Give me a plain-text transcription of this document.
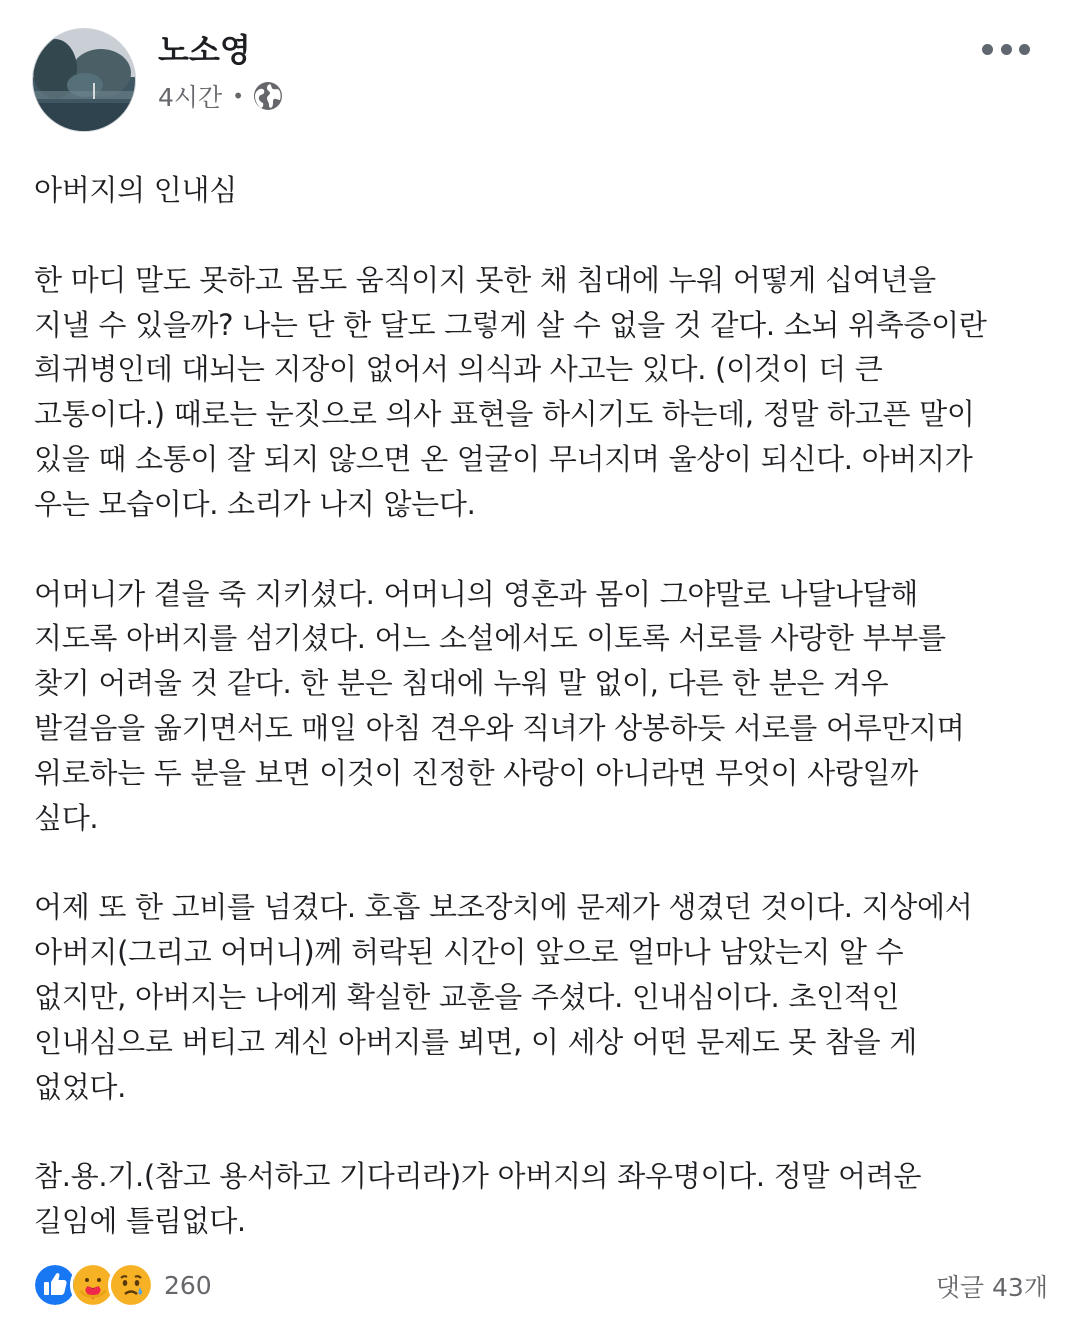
노소영
4시간 •

아버지의 인내심

한 마디 말도 못하고 몸도 움직이지 못한 채 침대에 누워 어떻게 십여년을

지낼 수 있을까? 나는 단 한 달도 그렇게 살 수 없을 것 같다. 소뇌 위축증이란

희귀병인데 대뇌는 지장이 없어서 의식과 사고는 있다. (이것이 더 큰

고통이다.) 때로는 눈짓으로 의사 표현을 하시기도 하는데, 정말 하고픈 말이

있을 때 소통이 잘 되지 않으면 온 얼굴이 무너지며 울상이 되신다. 아버지가

우는 모습이다. 소리가 나지 않는다.

어머니가 곁을 죽 지키셨다. 어머니의 영혼과 몸이 그야말로 나달나달해

지도록 아버지를 섬기셨다. 어느 소설에서도 이토록 서로를 사랑한 부부를

찾기 어려울 것 같다. 한 분은 침대에 누워 말 없이, 다른 한 분은 겨우

발걸음을 옮기면서도 매일 아침 견우와 직녀가 상봉하듯 서로를 어루만지며

위로하는 두 분을 보면 이것이 진정한 사랑이 아니라면 무엇이 사랑일까

싶다.

어제 또 한 고비를 넘겼다. 호흡 보조장치에 문제가 생겼던 것이다. 지상에서

아버지(그리고 어머니)께 허락된 시간이 앞으로 얼마나 남았는지 알 수

없지만, 아버지는 나에게 확실한 교훈을 주셨다. 인내심이다. 초인적인

인내심으로 버티고 계신 아버지를 뵈면, 이 세상 어떤 문제도 못 참을 게

없었다.

참.용.기.(참고 용서하고 기다리라)가 아버지의 좌우명이다. 정말 어려운

길임에 틀림없다.

260	댓글 43개
